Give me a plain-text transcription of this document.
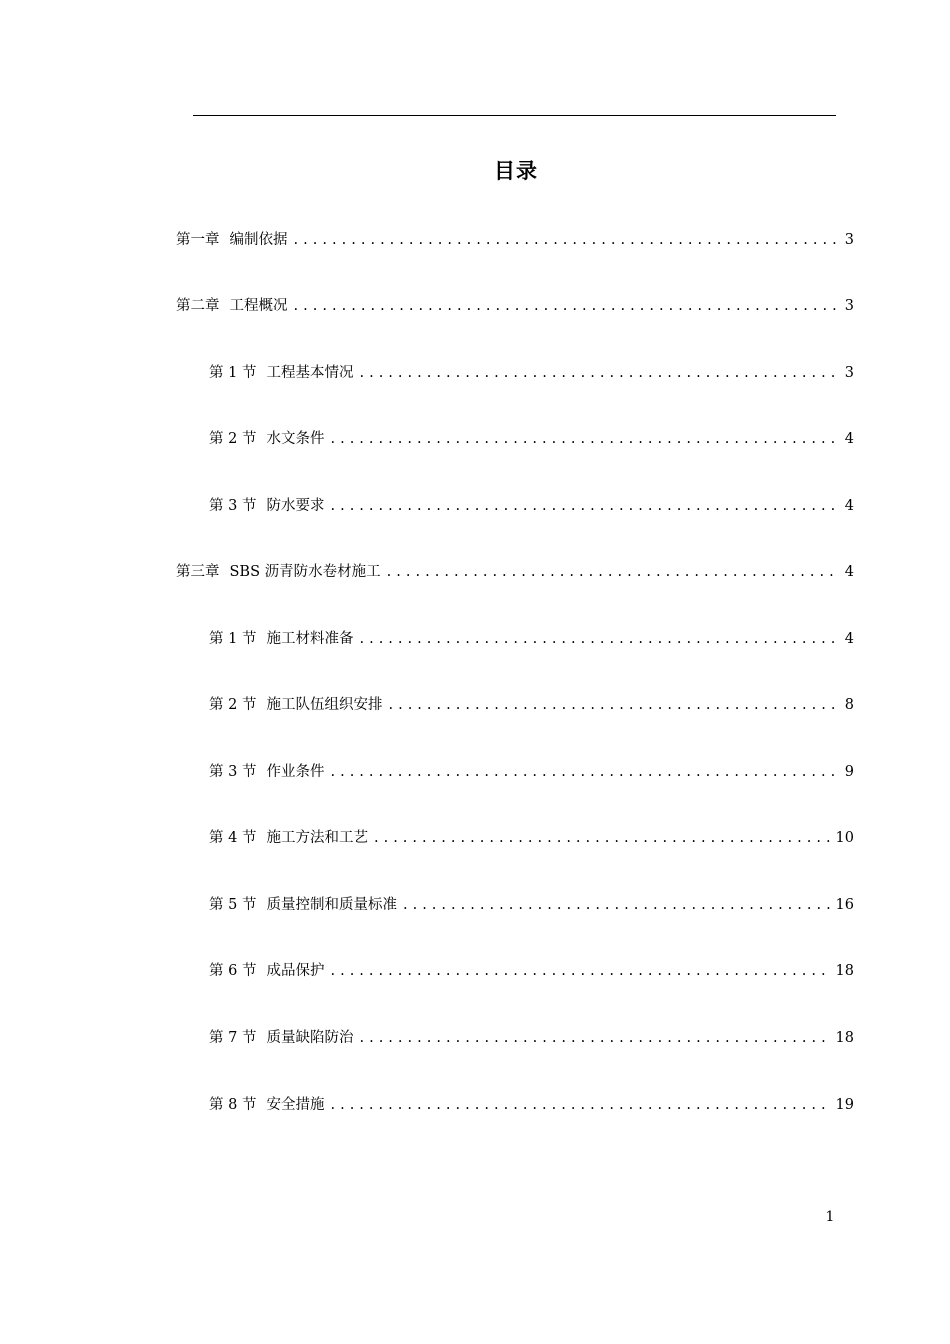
目录
第一章 编制依据 . . .	3
第二章 工程概况 . . .	3
第 1 节 工程基本情况 . . .	3
第 2 节 水文条件 . . .	4
第 3 节 防水要求 . . .	4
第三章 SBS 沥青防水卷材施工 . . .	4
第 1 节 施工材料准备 . . .	4
第 2 节 施工队伍组织安排 . . .	8
第 3 节 作业条件 . . .	9
第 4 节 施工方法和工艺 . . .	10
第 5 节 质量控制和质量标准 . . .	16
第 6 节 成品保护 . . .	18
第 7 节 质量缺陷防治 . . .	18
第 8 节 安全措施 . . .	19
1
